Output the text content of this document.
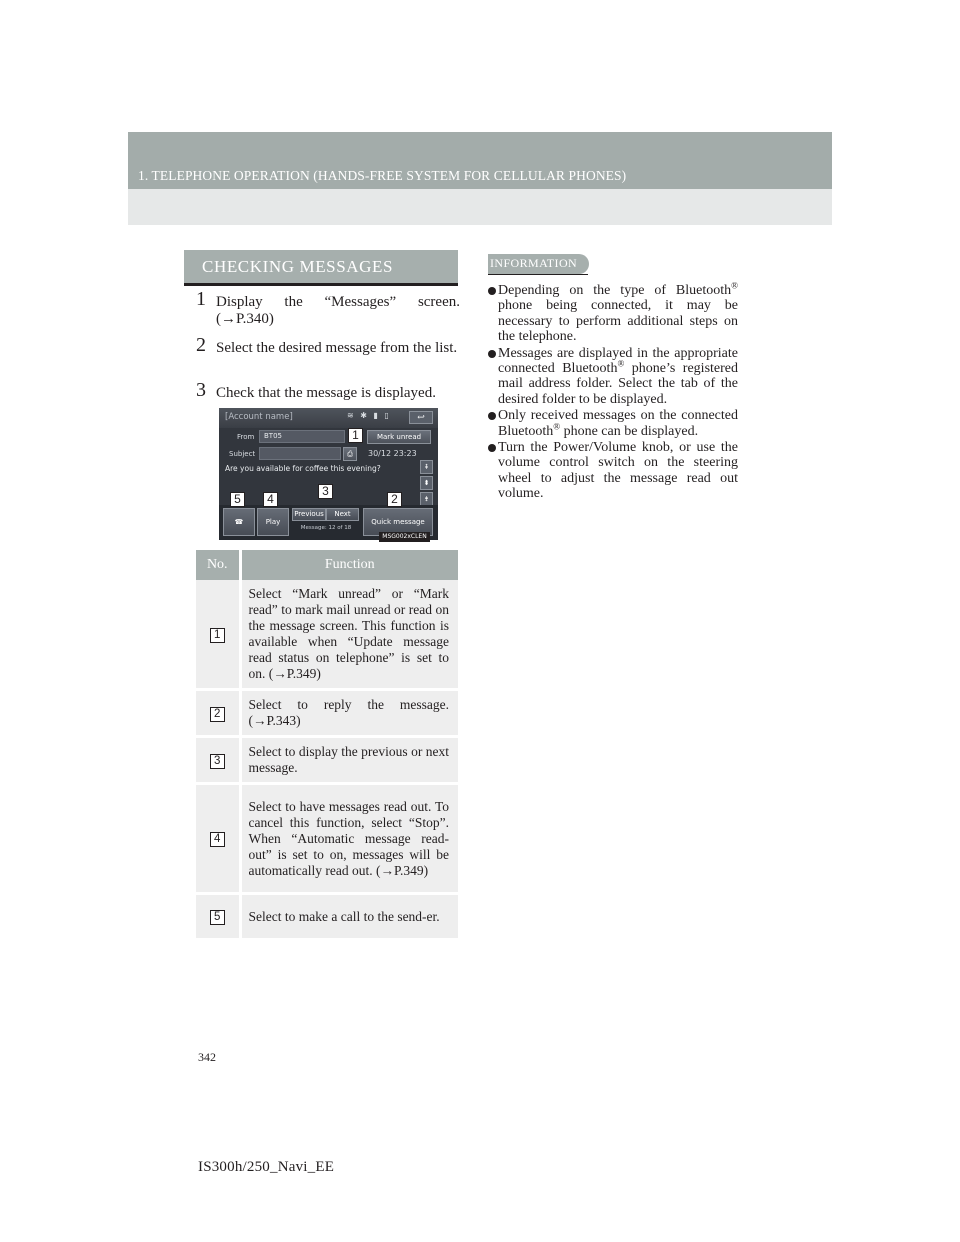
1. TELEPHONE OPERATION (HANDS-FREE SYSTEM FOR CELLULAR PHONES)
CHECKING MESSAGES
1 Display the “Messages” screen. (→P.340)
2 Select the desired message from the list.
3 Check that the message is displayed.
[Account name]	≋ ✱ ▮ ▯	↩
From	BT05	Mark unread
Subject	⎙	30/12 23:23
Are you available for coffee this evening?	⇞
⬍
⇟
☎	Play
Previous	Next
Message: 12 of 18
Quick message
1
2
3
4
5
MSG002xCLEN
No.	Function
1	Select “Mark unread” or “Mark read” to mark mail unread or read on the message screen. This function is available when “Update message read status on telephone” is set to on. (→P.349)
2	Select to reply the message. (→P.343)
3	Select to display the previous or next message.
4	Select to have messages read out. To cancel this function, select “Stop”. When “Automatic message read-out” is set to on, messages will be automatically read out. (→P.349)
5	Select to make a call to the send-er.
INFORMATION
Depending on the type of Bluetooth® phone being connected, it may be necessary to perform additional steps on the telephone.
Messages are displayed in the appropriate connected Bluetooth® phone’s registered mail address folder. Select the tab of the desired folder to be displayed.
Only received messages on the connected Bluetooth® phone can be displayed.
Turn the Power/Volume knob, or use the volume control switch on the steering wheel to adjust the message read out volume.
342
IS300h/250_Navi_EE
